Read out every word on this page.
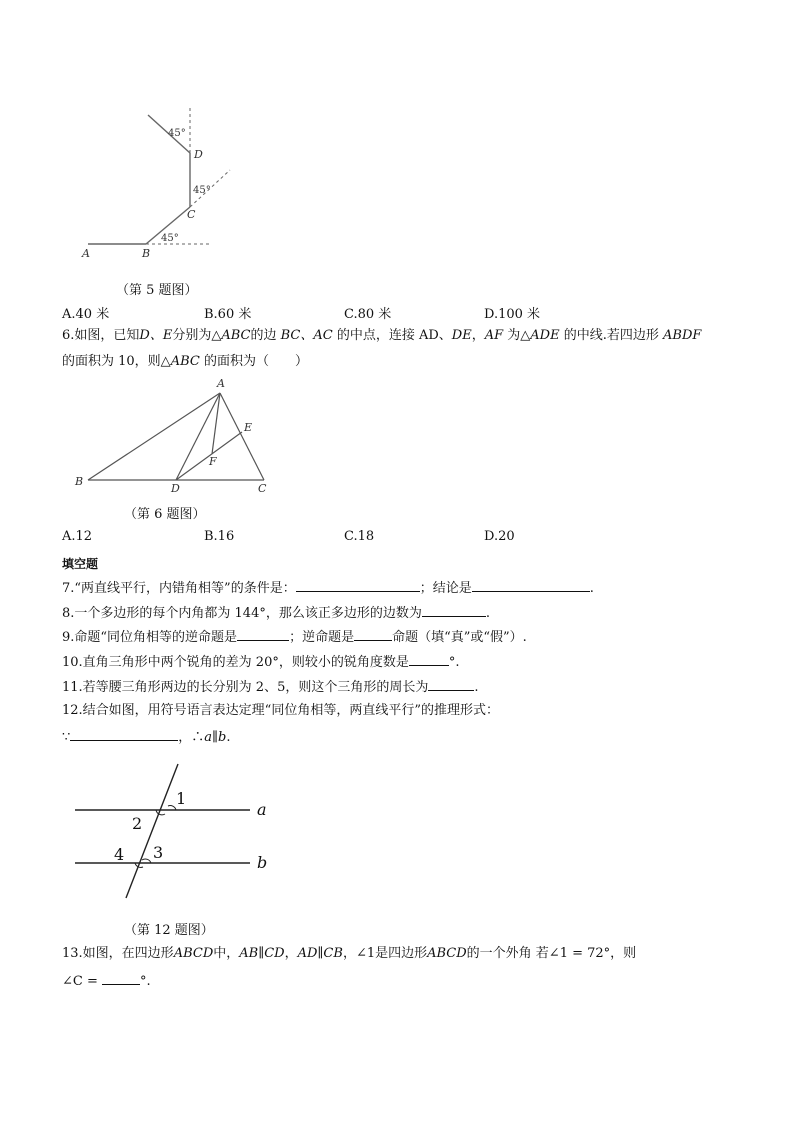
45°
45°
45°
A	B
C
D
（第 5 题图）
A.40 米	B.60 米	C.80 米	D.100 米
6.如图，已知D、E分别为△ABC的边 BC、AC 的中点，连接 AD、DE，AF 为△ADE 的中线.若四边形 ABDF
的面积为 10，则△ABC 的面积为（　　）
A
B
C
D
E
F
（第 6 题图）
A.12	B.16	C.18	D.20
填空题
7.“两直线平行，内错角相等”的条件是：	；结论是	.
8.一个多边形的每个内角都为 144°，那么该正多边形的边数为	.
9.命题“同位角相等的逆命题是	；逆命题是	命题（填“真”或“假”）.
10.直角三角形中两个锐角的差为 20°，则较小的锐角度数是	°.
11.若等腰三角形两边的长分别为 2、5，则这个三角形的周长为	.
12.结合如图，用符号语言表达定理“同位角相等，两直线平行”的推理形式：
∵	，∴a∥b.
1
2
3
4
a
b
（第 12 题图）
13.如图，在四边形ABCD中，AB∥CD，AD∥CB，∠1是四边形ABCD的一个外角 若∠1 = 72°，则
∠C =	°.
